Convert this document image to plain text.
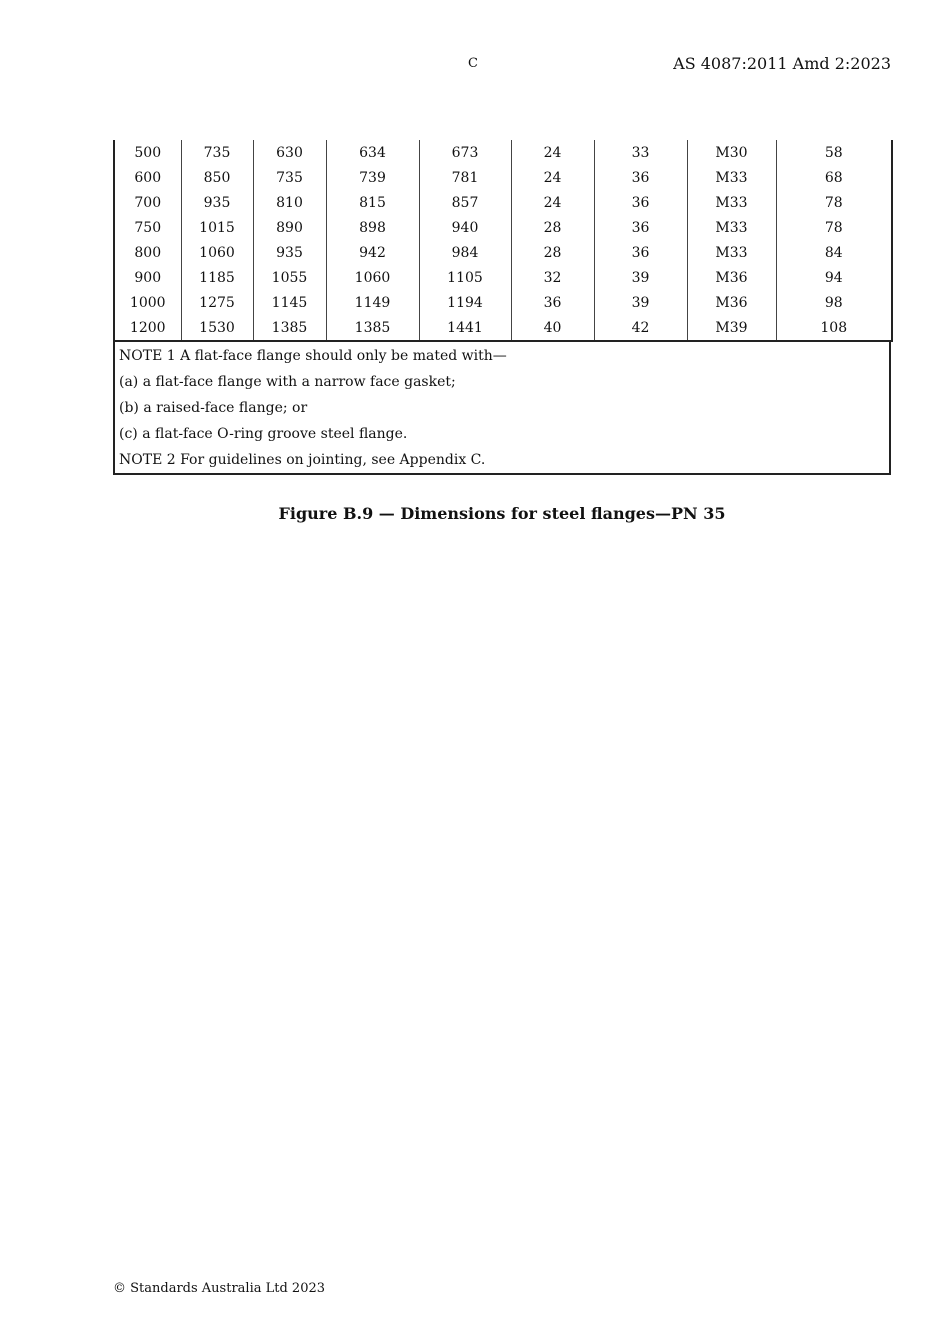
C	AS 4087:2011 Amd 2:2023
500	735	630	634	673	24	33	M30	58
600	850	735	739	781	24	36	M33	68
700	935	810	815	857	24	36	M33	78
750	1015	890	898	940	28	36	M33	78
800	1060	935	942	984	28	36	M33	84
900	1185	1055	1060	1105	32	39	M36	94
1000	1275	1145	1149	1194	36	39	M36	98
1200	1530	1385	1385	1441	40	42	M39	108
NOTE 1 A flat-face flange should only be mated with—
(a) a flat-face flange with a narrow face gasket;
(b) a raised-face flange; or
(c) a flat-face O-ring groove steel flange.
NOTE 2 For guidelines on jointing, see Appendix C.
Figure B.9 — Dimensions for steel flanges—PN 35
© Standards Australia Ltd 2023
